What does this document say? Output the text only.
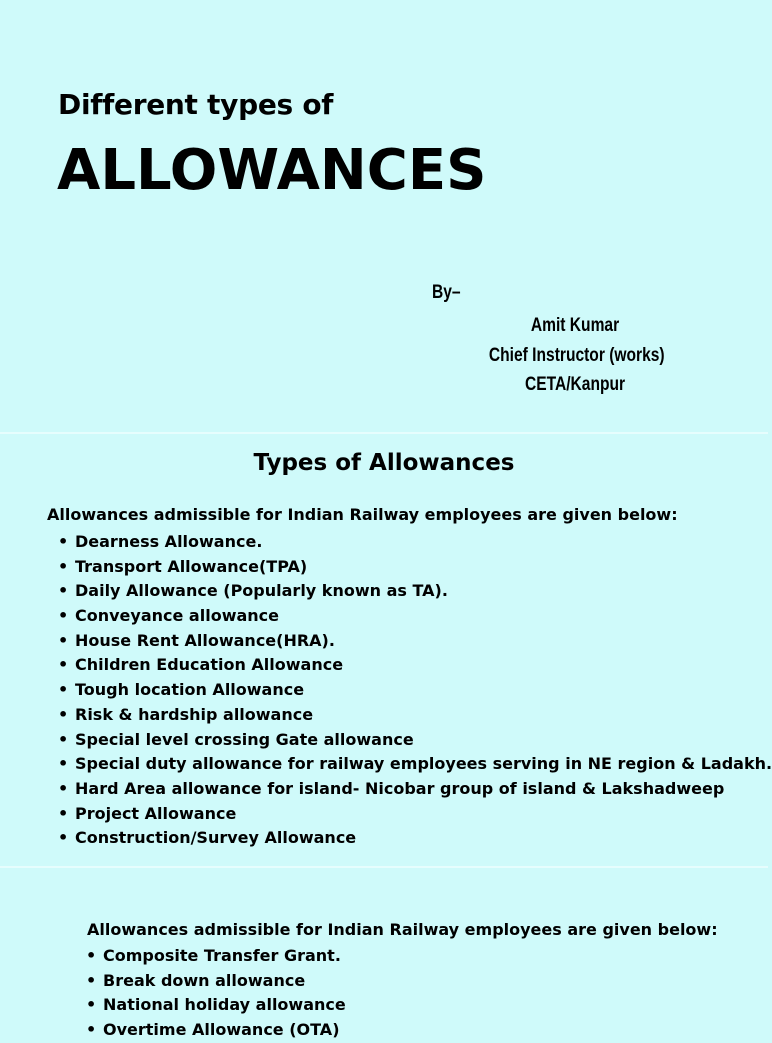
Different types of
ALLOWANCES
By–
Amit Kumar
Chief Instructor (works)
CETA/Kanpur
Types of Allowances
Allowances admissible for Indian Railway employees are given below:
• Dearness Allowance.
• Transport Allowance(TPA)
• Daily Allowance (Popularly known as TA).
• Conveyance allowance
• House Rent Allowance(HRA).
• Children Education Allowance
• Tough location Allowance
• Risk & hardship allowance
• Special level crossing Gate allowance
• Special duty allowance for railway employees serving in NE region & Ladakh.
• Hard Area allowance for island- Nicobar group of island & Lakshadweep
• Project Allowance
• Construction/Survey Allowance
Allowances admissible for Indian Railway employees are given below:
• Composite Transfer Grant.
• Break down allowance
• National holiday allowance
• Overtime Allowance (OTA)
